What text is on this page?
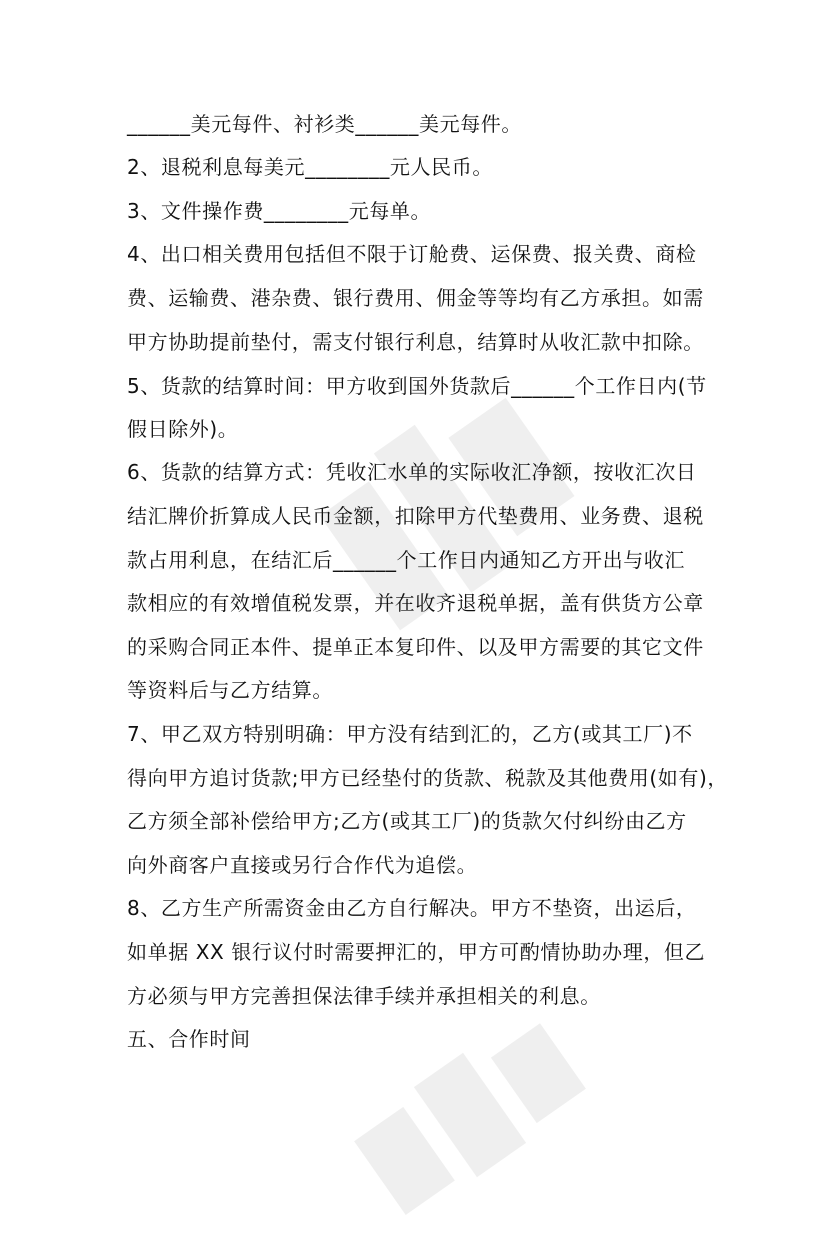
______美元每件、衬衫类______美元每件。

2、退税利息每美元________元人民币。

3、文件操作费________元每单。

4、出口相关费用包括但不限于订舱费、运保费、报关费、商检

费、运输费、港杂费、银行费用、佣金等等均有乙方承担。如需

甲方协助提前垫付，需支付银行利息，结算时从收汇款中扣除。

5、货款的结算时间：甲方收到国外货款后______个工作日内(节

假日除外)。

6、货款的结算方式：凭收汇水单的实际收汇净额，按收汇次日

结汇牌价折算成人民币金额，扣除甲方代垫费用、业务费、退税

款占用利息，在结汇后______个工作日内通知乙方开出与收汇

款相应的有效增值税发票，并在收齐退税单据，盖有供货方公章

的采购合同正本件、提单正本复印件、以及甲方需要的其它文件

等资料后与乙方结算。

7、甲乙双方特别明确：甲方没有结到汇的，乙方(或其工厂)不

得向甲方追讨货款;甲方已经垫付的货款、税款及其他费用(如有)，

乙方须全部补偿给甲方;乙方(或其工厂)的货款欠付纠纷由乙方

向外商客户直接或另行合作代为追偿。

8、乙方生产所需资金由乙方自行解决。甲方不垫资，出运后，

如单据 XX 银行议付时需要押汇的，甲方可酌情协助办理，但乙

方必须与甲方完善担保法律手续并承担相关的利息。

五、合作时间
